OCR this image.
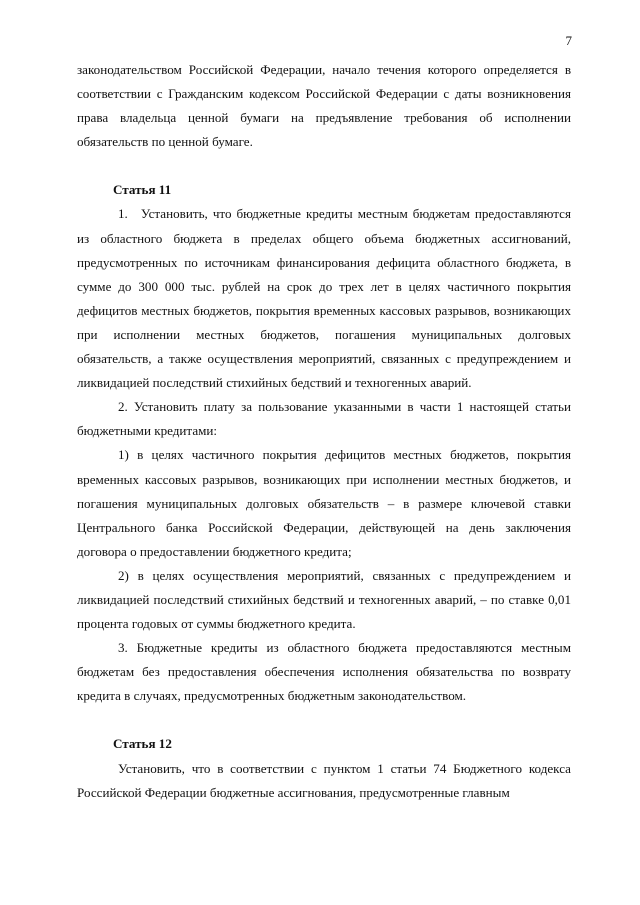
7

законодательством Российской Федерации, начало течения которого определяется в соответствии с Гражданским кодексом Российской Федерации с даты возникновения права владельца ценной бумаги на предъявление требования об исполнении обязательств по ценной бумаге.

Статья 11

1. Установить, что бюджетные кредиты местным бюджетам предоставляются из областного бюджета в пределах общего объема бюджетных ассигнований, предусмотренных по источникам финансирования дефицита областного бюджета, в сумме до 300 000 тыс. рублей на срок до трех лет в целях частичного покрытия дефицитов местных бюджетов, покрытия временных кассовых разрывов, возникающих при исполнении местных бюджетов, погашения муниципальных долговых обязательств, а также осуществления мероприятий, связанных с предупреждением и ликвидацией последствий стихийных бедствий и техногенных аварий.

2. Установить плату за пользование указанными в части 1 настоящей статьи бюджетными кредитами:

1) в целях частичного покрытия дефицитов местных бюджетов, покрытия временных кассовых разрывов, возникающих при исполнении местных бюджетов, и погашения муниципальных долговых обязательств – в размере ключевой ставки Центрального банка Российской Федерации, действующей на день заключения договора о предоставлении бюджетного кредита;

2) в целях осуществления мероприятий, связанных с предупреждением и ликвидацией последствий стихийных бедствий и техногенных аварий, – по ставке 0,01 процента годовых от суммы бюджетного кредита.

3. Бюджетные кредиты из областного бюджета предоставляются местным бюджетам без предоставления обеспечения исполнения обязательства по возврату кредита в случаях, предусмотренных бюджетным законодательством.

Статья 12

Установить, что в соответствии с пунктом 1 статьи 74 Бюджетного кодекса Российской Федерации бюджетные ассигнования, предусмотренные главным
